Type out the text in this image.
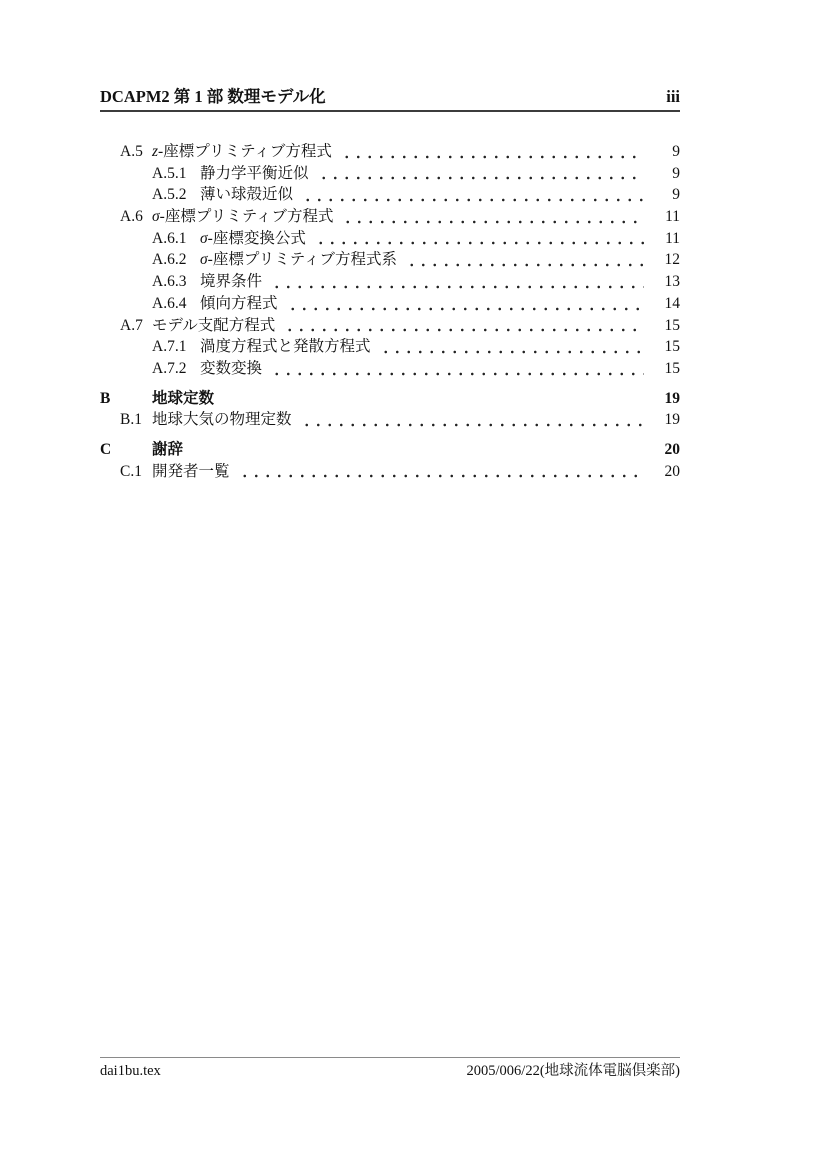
DCAPM2 第 1 部 数理モデル化	iii
A.5 z-座標プリミティブ方程式	9
A.5.1 静力学平衡近似	9
A.5.2 薄い球殻近似	9
A.6 σ-座標プリミティブ方程式	11
A.6.1 σ-座標変換公式	11
A.6.2 σ-座標プリミティブ方程式系	12
A.6.3 境界条件	13
A.6.4 傾向方程式	14
A.7 モデル支配方程式	15
A.7.1 渦度方程式と発散方程式	15
A.7.2 変数変換	15
B	地球定数	19
B.1 地球大気の物理定数	19
C	謝辞	20
C.1 開発者一覧	20
dai1bu.tex	2005/006/22(地球流体電脳倶楽部)
